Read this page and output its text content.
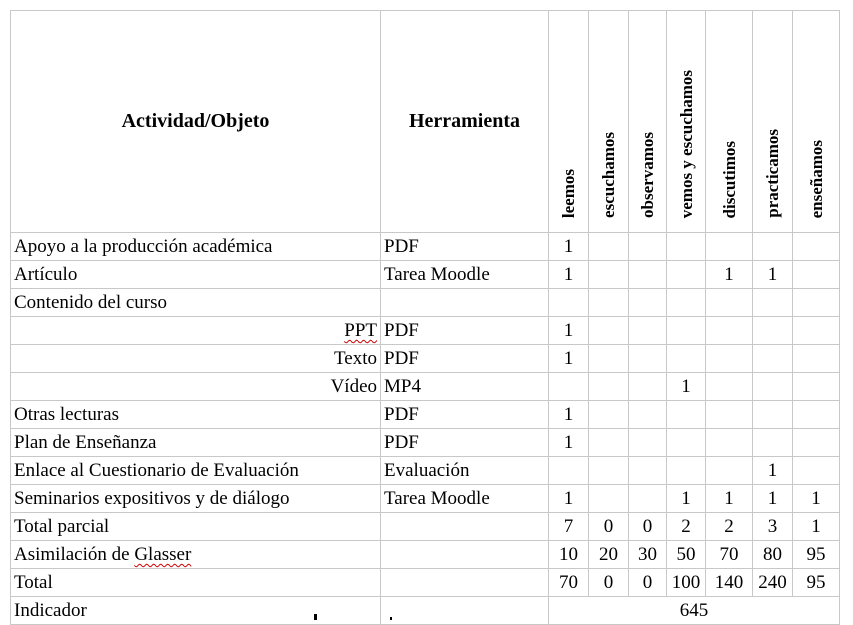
Actividad/Objeto	Herramienta	leemos	escuchamos	observamos	vemos y escuchamos	discutimos	practicamos	enseñamos
Apoyo a la producción académica	PDF	1						
Artículo	Tarea Moodle	1				1	1	
Contenido del curso								
PPT	PDF	1						
Texto	PDF	1						
Vídeo	MP4				1			
Otras lecturas	PDF	1						
Plan de Enseñanza	PDF	1						
Enlace al Cuestionario de Evaluación	Evaluación						1	
Seminarios expositivos y de diálogo	Tarea Moodle	1			1	1	1	1
Total parcial		7	0	0	2	2	3	1
Asimilación de Glasser		10	20	30	50	70	80	95
Total		70	0	0	100	140	240	95
Indicador		645						
